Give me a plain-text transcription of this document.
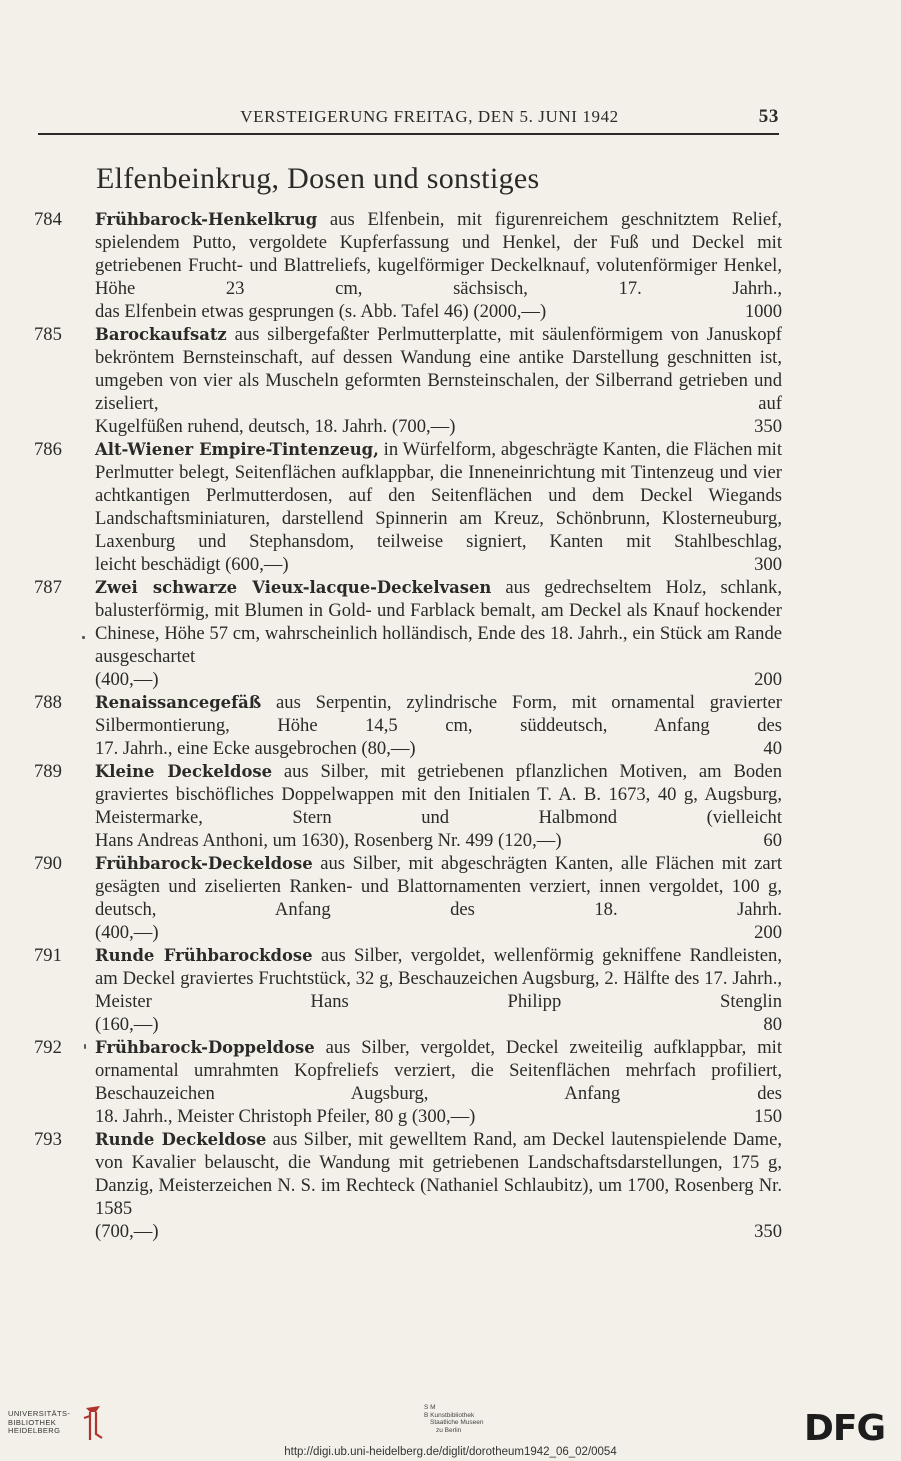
VERSTEIGERUNG FREITAG, DEN 5. JUNI 1942	53
Elfenbeinkrug, Dosen und sonstiges
784 Frühbarock-Henkelkrug aus Elfenbein, mit figurenreichem geschnitztem Relief, spielendem Putto, vergoldete Kupferfassung und Henkel, der Fuß und Deckel mit getriebenen Frucht- und Blattreliefs, kugelförmiger Deckelknauf, volutenförmiger Henkel, Höhe 23 cm, sächsisch, 17. Jahrh.,
das Elfenbein etwas gesprungen (s. Abb. Tafel 46) (2000,—)	1000
785 Barockaufsatz aus silbergefaßter Perlmutterplatte, mit säulenförmigem von Januskopf bekröntem Bernsteinschaft, auf dessen Wandung eine antike Darstellung geschnitten ist, umgeben von vier als Muscheln geformten Bernsteinschalen, der Silberrand getrieben und ziseliert, auf
Kugelfüßen ruhend, deutsch, 18. Jahrh. (700,—)	350
786 Alt-Wiener Empire-Tintenzeug, in Würfelform, abgeschrägte Kanten, die Flächen mit Perlmutter belegt, Seitenflächen aufklappbar, die Inneneinrichtung mit Tintenzeug und vier achtkantigen Perlmutterdosen, auf den Seitenflächen und dem Deckel Wiegands Landschaftsminiaturen, darstellend Spinnerin am Kreuz, Schönbrunn, Klosterneuburg, Laxenburg und Stephansdom, teilweise signiert, Kanten mit Stahlbeschlag,
leicht beschädigt (600,—)	300
787 Zwei schwarze Vieux-lacque-Deckelvasen aus gedrechseltem Holz, schlank, balusterförmig, mit Blumen in Gold- und Farblack bemalt, am Deckel als Knauf hockender Chinese, Höhe 57 cm, wahrscheinlich holländisch, Ende des 18. Jahrh., ein Stück am Rande ausgeschartet
(400,—)	200
788 Renaissancegefäß aus Serpentin, zylindrische Form, mit ornamental gravierter Silbermontierung, Höhe 14,5 cm, süddeutsch, Anfang des
17. Jahrh., eine Ecke ausgebrochen (80,—)	40
789 Kleine Deckeldose aus Silber, mit getriebenen pflanzlichen Motiven, am Boden graviertes bischöfliches Doppelwappen mit den Initialen T. A. B. 1673, 40 g, Augsburg, Meistermarke, Stern und Halbmond (vielleicht
Hans Andreas Anthoni, um 1630), Rosenberg Nr. 499 (120,—)	60
790 Frühbarock-Deckeldose aus Silber, mit abgeschrägten Kanten, alle Flächen mit zart gesägten und ziselierten Ranken- und Blattornamenten verziert, innen vergoldet, 100 g, deutsch, Anfang des 18. Jahrh.
(400,—)	200
791 Runde Frühbarockdose aus Silber, vergoldet, wellenförmig gekniffene Randleisten, am Deckel graviertes Fruchtstück, 32 g, Beschauzeichen Augsburg, 2. Hälfte des 17. Jahrh., Meister Hans Philipp Stenglin
(160,—)	80
792 Frühbarock-Doppeldose aus Silber, vergoldet, Deckel zweiteilig aufklappbar, mit ornamental umrahmten Kopfreliefs verziert, die Seitenflächen mehrfach profiliert, Beschauzeichen Augsburg, Anfang des
18. Jahrh., Meister Christoph Pfeiler, 80 g (300,—)	150
793 Runde Deckeldose aus Silber, mit gewelltem Rand, am Deckel lautenspielende Dame, von Kavalier belauscht, die Wandung mit getriebenen Landschaftsdarstellungen, 175 g, Danzig, Meisterzeichen N. S. im Rechteck (Nathaniel Schlaubitz), um 1700, Rosenberg Nr. 1585
(700,—)	350
UNIVERSITÄTS-
BIBLIOTHEK
HEIDELBERG
S M
B Kunstbibliothek
Staatliche Museen
zu Berlin	DFG
http://digi.ub.uni-heidelberg.de/diglit/dorotheum1942_06_02/0054
